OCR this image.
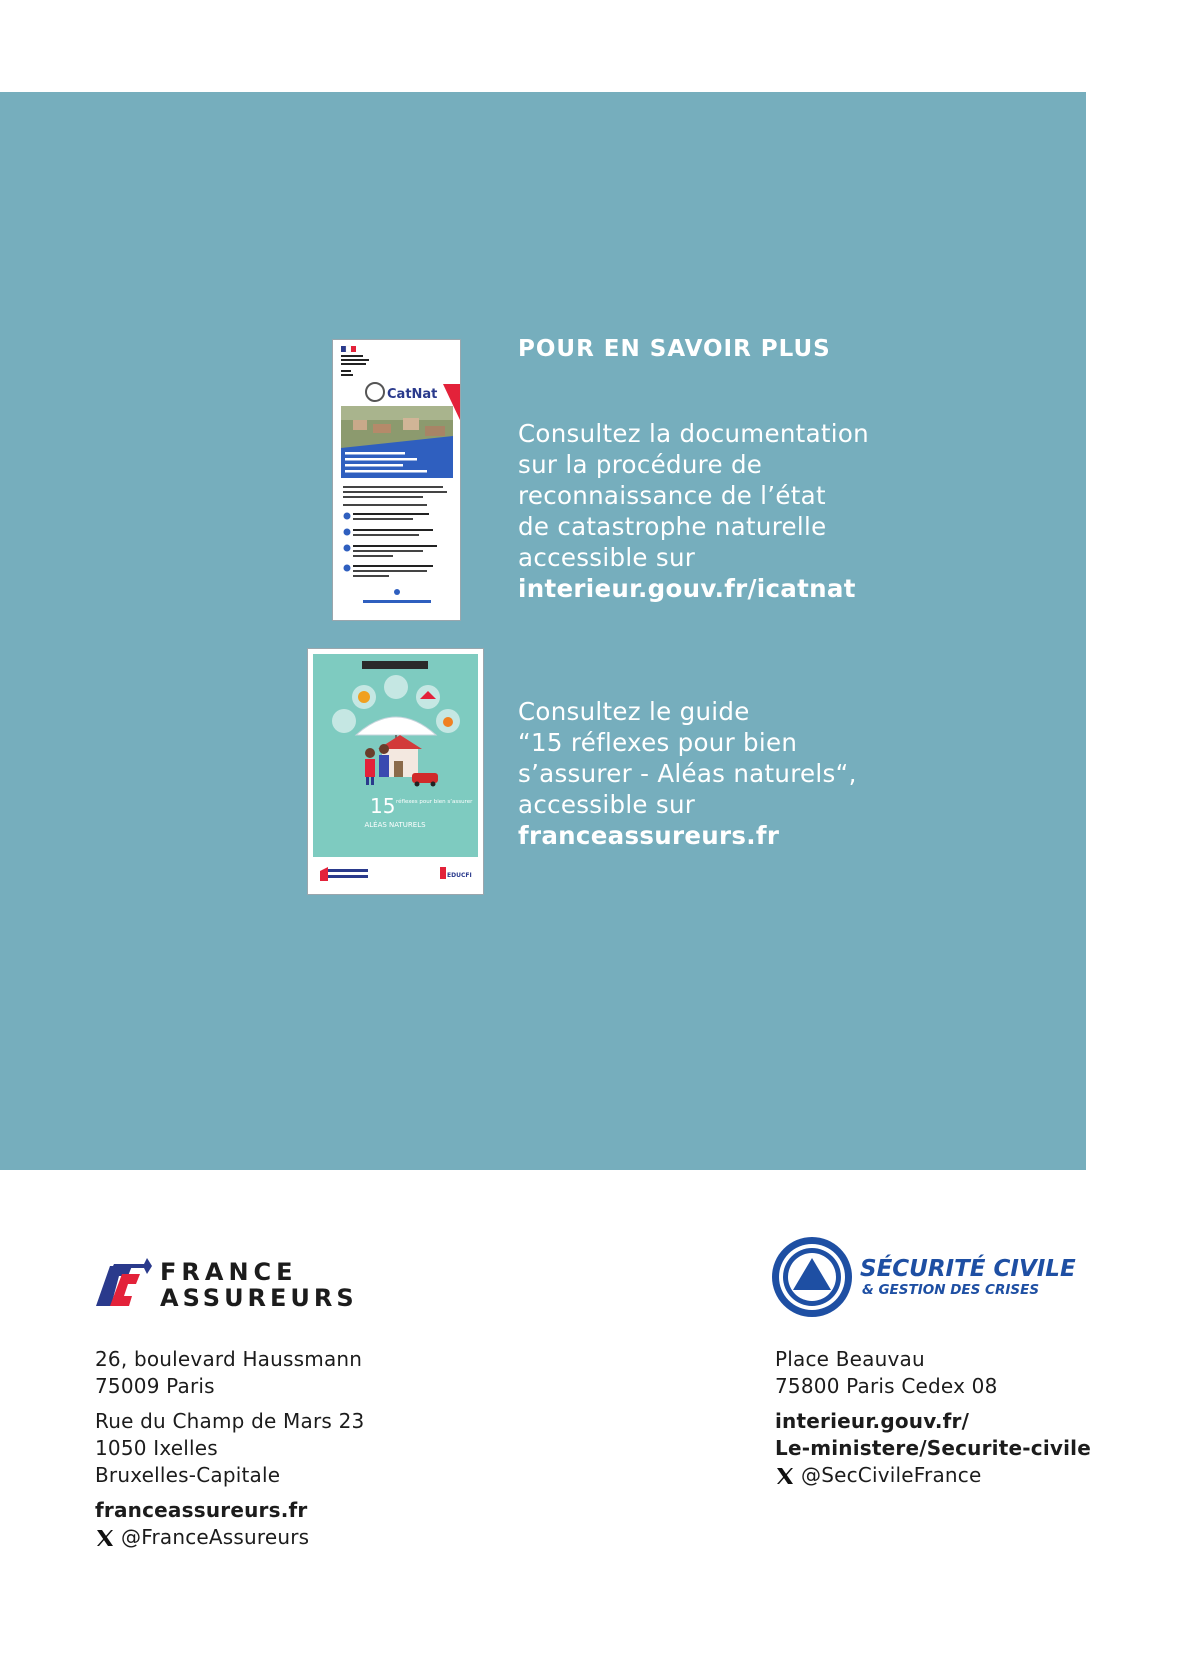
CatNat
15 réflexes pour bien s’assurer
ALÉAS NATURELS
EDUCFI
POUR EN SAVOIR PLUS
Consultez la documentation
sur la procédure de
reconnaissance de l’état
de catastrophe naturelle
accessible sur
interieur.gouv.fr/icatnat
Consultez le guide
“15 réflexes pour bien
s’assurer - Aléas naturels“,
accessible sur
franceassureurs.fr
FRANCE
ASSUREURS
SÉCURITÉ CIVILE
& GESTION DES CRISES
26, boulevard Haussmann
75009 Paris
Rue du Champ de Mars 23
1050 Ixelles
Bruxelles-Capitale
franceassureurs.fr
@FranceAssureurs
Place Beauvau
75800 Paris Cedex 08
interieur.gouv.fr/
Le-ministere/Securite-civile
@SecCivileFrance
